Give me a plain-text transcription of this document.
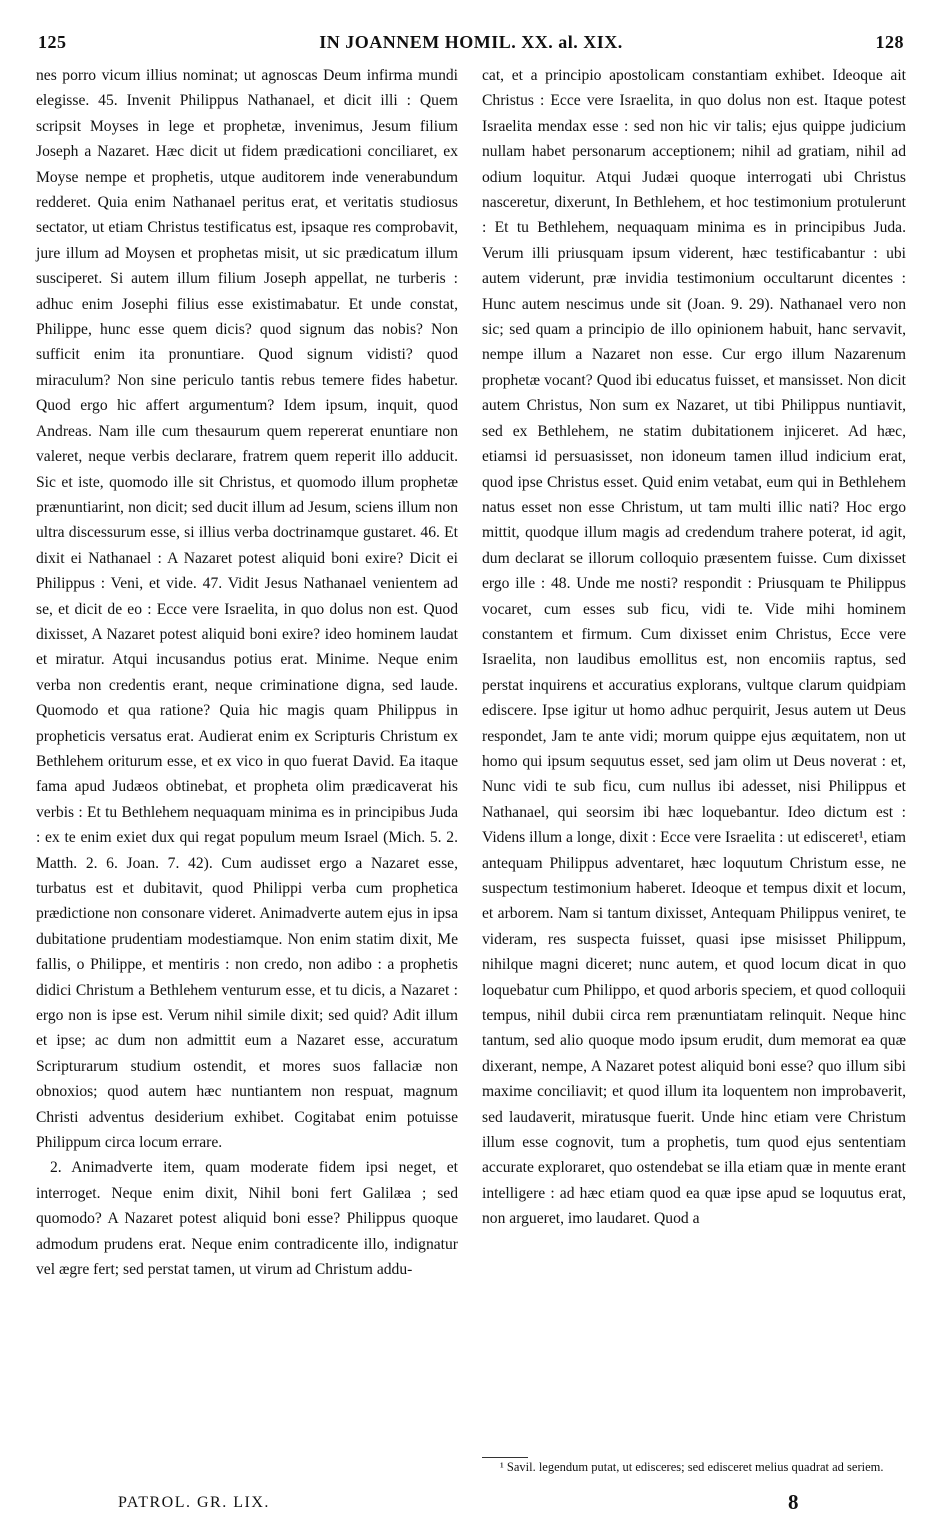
125	IN JOANNEM HOMIL. XX. al. XIX.	128

nes porro vicum illius nominat; ut agnoscas Deum infirma mundi elegisse. 45. Invenit Philippus Nathanael, et dicit illi : Quem scripsit Moyses in lege et prophetæ, invenimus, Jesum filium Joseph a Nazaret. Hæc dicit ut fidem prædicationi conciliaret, ex Moyse nempe et prophetis, utque auditorem inde venerabundum redderet. Quia enim Nathanael peritus erat, et veritatis studiosus sectator, ut etiam Christus testificatus est, ipsaque res comprobavit, jure illum ad Moysen et prophetas misit, ut sic prædicatum illum susciperet. Si autem illum filium Joseph appellat, ne turberis : adhuc enim Josephi filius esse existimabatur. Et unde constat, Philippe, hunc esse quem dicis? quod signum das nobis? Non sufficit enim ita pronuntiare. Quod signum vidisti? quod miraculum? Non sine periculo tantis rebus temere fides habetur. Quod ergo hic affert argumentum? Idem ipsum, inquit, quod Andreas. Nam ille cum thesaurum quem repererat enuntiare non valeret, neque verbis declarare, fratrem quem reperit illo adducit. Sic et iste, quomodo ille sit Christus, et quomodo illum prophetæ prænuntiarint, non dicit; sed ducit illum ad Jesum, sciens illum non ultra discessurum esse, si illius verba doctrinamque gustaret. 46. Et dixit ei Nathanael : A Nazaret potest aliquid boni exire? Dicit ei Philippus : Veni, et vide. 47. Vidit Jesus Nathanael venientem ad se, et dicit de eo : Ecce vere Israelita, in quo dolus non est. Quod dixisset, A Nazaret potest aliquid boni exire? ideo hominem laudat et miratur. Atqui incusandus potius erat. Minime. Neque enim verba non credentis erant, neque criminatione digna, sed laude. Quomodo et qua ratione? Quia hic magis quam Philippus in propheticis versatus erat. Audierat enim ex Scripturis Christum ex Bethlehem oriturum esse, et ex vico in quo fuerat David. Ea itaque fama apud Judæos obtinebat, et propheta olim prædicaverat his verbis : Et tu Bethlehem nequaquam minima es in principibus Juda : ex te enim exiet dux qui regat populum meum Israel (Mich. 5. 2. Matth. 2. 6. Joan. 7. 42). Cum audisset ergo a Nazaret esse, turbatus est et dubitavit, quod Philippi verba cum prophetica prædictione non consonare videret. Animadverte autem ejus in ipsa dubitatione prudentiam modestiamque. Non enim statim dixit, Me fallis, o Philippe, et mentiris : non credo, non adibo : a prophetis didici Christum a Bethlehem venturum esse, et tu dicis, a Nazaret : ergo non is ipse est. Verum nihil simile dixit; sed quid? Adit illum et ipse; ac dum non admittit eum a Nazaret esse, accuratum Scripturarum studium ostendit, et mores suos fallaciæ non obnoxios; quod autem hæc nuntiantem non respuat, magnum Christi adventus desiderium exhibet. Cogitabat enim potuisse Philippum circa locum errare.

2. Animadverte item, quam moderate fidem ipsi neget, et interroget. Neque enim dixit, Nihil boni fert Galilæa ; sed quomodo? A Nazaret potest aliquid boni esse? Philippus quoque admodum prudens erat. Neque enim contradicente illo, indignatur vel ægre fert; sed perstat tamen, ut virum ad Christum addu-

cat, et a principio apostolicam constantiam exhibet. Ideoque ait Christus : Ecce vere Israelita, in quo dolus non est. Itaque potest Israelita mendax esse : sed non hic vir talis; ejus quippe judicium nullam habet personarum acceptionem; nihil ad gratiam, nihil ad odium loquitur. Atqui Judæi quoque interrogati ubi Christus nasceretur, dixerunt, In Bethlehem, et hoc testimonium protulerunt : Et tu Bethlehem, nequaquam minima es in principibus Juda. Verum illi priusquam ipsum viderent, hæc testificabantur : ubi autem viderunt, præ invidia testimonium occultarunt dicentes : Hunc autem nescimus unde sit (Joan. 9. 29). Nathanael vero non sic; sed quam a principio de illo opinionem habuit, hanc servavit, nempe illum a Nazaret non esse. Cur ergo illum Nazarenum prophetæ vocant? Quod ibi educatus fuisset, et mansisset. Non dicit autem Christus, Non sum ex Nazaret, ut tibi Philippus nuntiavit, sed ex Bethlehem, ne statim dubitationem injiceret. Ad hæc, etiamsi id persuasisset, non idoneum tamen illud indicium erat, quod ipse Christus esset. Quid enim vetabat, eum qui in Bethlehem natus esset non esse Christum, ut tam multi illic nati? Hoc ergo mittit, quodque illum magis ad credendum trahere poterat, id agit, dum declarat se illorum colloquio præsentem fuisse. Cum dixisset ergo ille : 48. Unde me nosti? respondit : Priusquam te Philippus vocaret, cum esses sub ficu, vidi te. Vide mihi hominem constantem et firmum. Cum dixisset enim Christus, Ecce vere Israelita, non laudibus emollitus est, non encomiis raptus, sed perstat inquirens et accuratius explorans, vultque clarum quidpiam ediscere. Ipse igitur ut homo adhuc perquirit, Jesus autem ut Deus respondet, Jam te ante vidi; morum quippe ejus æquitatem, non ut homo qui ipsum sequutus esset, sed jam olim ut Deus noverat : et, Nunc vidi te sub ficu, cum nullus ibi adesset, nisi Philippus et Nathanael, qui seorsim ibi hæc loquebantur. Ideo dictum est : Videns illum a longe, dixit : Ecce vere Israelita : ut edisceret¹, etiam antequam Philippus adventaret, hæc loquutum Christum esse, ne suspectum testimonium haberet. Ideoque et tempus dixit et locum, et arborem. Nam si tantum dixisset, Antequam Philippus veniret, te videram, res suspecta fuisset, quasi ipse misisset Philippum, nihilque magni diceret; nunc autem, et quod locum dicat in quo loquebatur cum Philippo, et quod arboris speciem, et quod colloquii tempus, nihil dubii circa rem prænuntiatam relinquit. Neque hinc tantum, sed alio quoque modo ipsum erudit, dum memorat ea quæ dixerant, nempe, A Nazaret potest aliquid boni esse? quo illum sibi maxime conciliavit; et quod illum ita loquentem non improbaverit, sed laudaverit, miratusque fuerit. Unde hinc etiam vere Christum illum esse cognovit, tum a prophetis, tum quod ejus sententiam accurate exploraret, quo ostendebat se illa etiam quæ in mente erant intelligere : ad hæc etiam quod ea quæ ipse apud se loquutus erat, non argueret, imo laudaret. Quod a

¹ Savil. legendum putat, ut edisceres; sed edisceret melius quadrat ad seriem.
PATROL. GR. LIX.	8
